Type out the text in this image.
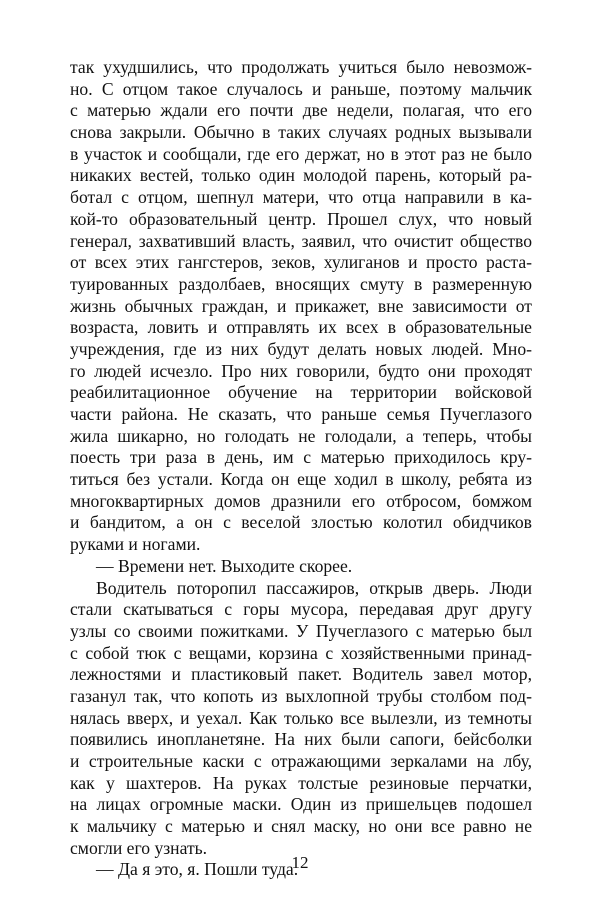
так ухудшились, что продолжать учиться было невозмож-
но. С отцом такое случалось и раньше, поэтому мальчик
с матерью ждали его почти две недели, полагая, что его
снова закрыли. Обычно в таких случаях родных вызывали
в участок и сообщали, где его держат, но в этот раз не было
никаких вестей, только один молодой парень, который ра-
ботал с отцом, шепнул матери, что отца направили в ка-
кой-то образовательный центр. Прошел слух, что новый
генерал, захвативший власть, заявил, что очистит общество
от всех этих гангстеров, зеков, хулиганов и просто раста-
туированных раздолбаев, вносящих смуту в размеренную
жизнь обычных граждан, и прикажет, вне зависимости от
возраста, ловить и отправлять их всех в образовательные
учреждения, где из них будут делать новых людей. Мно-
го людей исчезло. Про них говорили, будто они проходят
реабилитационное обучение на территории войсковой
части района. Не сказать, что раньше семья Пучеглазого
жила шикарно, но голодать не голодали, а теперь, чтобы
поесть три раза в день, им с матерью приходилось кру-
титься без устали. Когда он еще ходил в школу, ребята из
многоквартирных домов дразнили его отбросом, бомжом
и бандитом, а он с веселой злостью колотил обидчиков
руками и ногами.
— Времени нет. Выходите скорее.
Водитель поторопил пассажиров, открыв дверь. Люди
стали скатываться с горы мусора, передавая друг другу
узлы со своими пожитками. У Пучеглазого с матерью был
с собой тюк с вещами, корзина с хозяйственными принад-
лежностями и пластиковый пакет. Водитель завел мотор,
газанул так, что копоть из выхлопной трубы столбом под-
нялась вверх, и уехал. Как только все вылезли, из темноты
появились инопланетяне. На них были сапоги, бейсболки
и строительные каски с отражающими зеркалами на лбу,
как у шахтеров. На руках толстые резиновые перчатки,
на лицах огромные маски. Один из пришельцев подошел
к мальчику с матерью и снял маску, но они все равно не
смогли его узнать.
— Да я это, я. Пошли туда.
12
